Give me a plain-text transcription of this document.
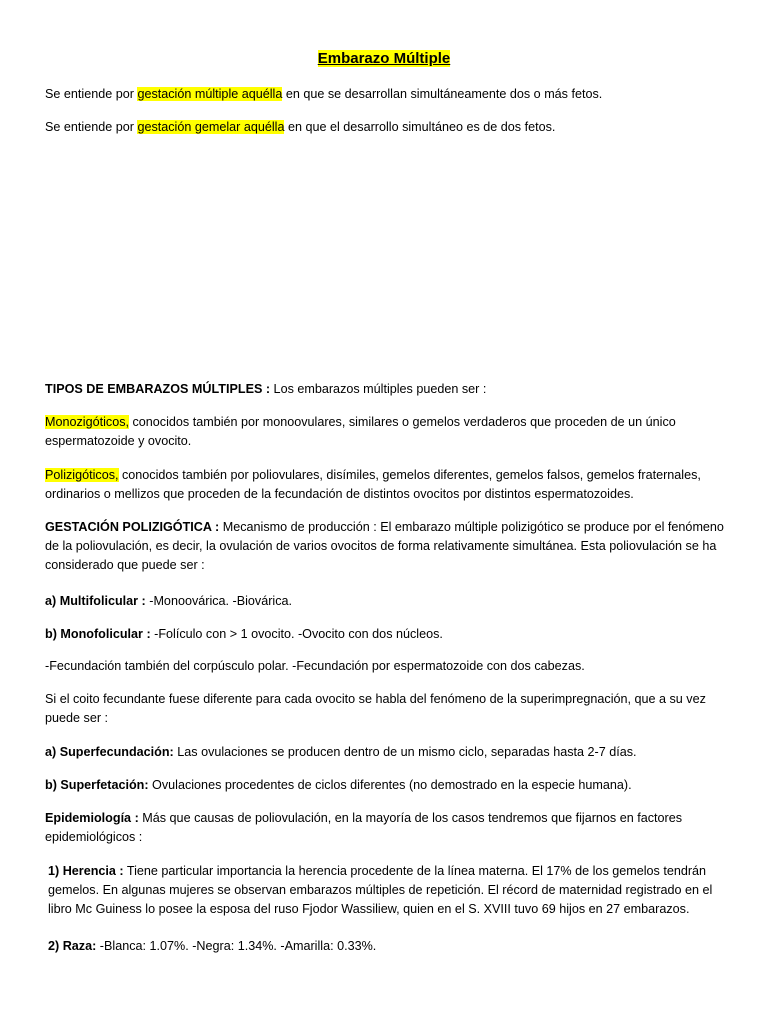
Embarazo Múltiple

Se entiende por gestación múltiple aquélla en que se desarrollan simultáneamente dos o más fetos.

Se entiende por gestación gemelar aquélla en que el desarrollo simultáneo es de dos fetos.

TIPOS DE EMBARAZOS MÚLTIPLES : Los embarazos múltiples pueden ser :

Monozigóticos, conocidos también por monoovulares, similares o gemelos verdaderos que proceden de un único espermatozoide y ovocito.

Polizigóticos, conocidos también por poliovulares, disímiles, gemelos diferentes, gemelos falsos, gemelos fraternales, ordinarios o mellizos que proceden de la fecundación de distintos ovocitos por distintos espermatozoides.

GESTACIÓN POLIZIGÓTICA : Mecanismo de producción : El embarazo múltiple polizigótico se produce por el fenómeno de la poliovulación, es decir, la ovulación de varios ovocitos de forma relativamente simultánea. Esta poliovulación se ha considerado que puede ser :

a) Multifolicular : -Monoovárica. -Biovárica.

b) Monofolicular : -Folículo con > 1 ovocito. -Ovocito con dos núcleos.

-Fecundación también del corpúsculo polar. -Fecundación por espermatozoide con dos cabezas.

Si el coito fecundante fuese diferente para cada ovocito se habla del fenómeno de la superimpregnación, que a su vez puede ser :

a) Superfecundación: Las ovulaciones se producen dentro de un mismo ciclo, separadas hasta 2-7 días.

b) Superfetación: Ovulaciones procedentes de ciclos diferentes (no demostrado en la especie humana).

Epidemiología : Más que causas de poliovulación, en la mayoría de los casos tendremos que fijarnos en factores epidemiológicos :

1) Herencia : Tiene particular importancia la herencia procedente de la línea materna. El 17% de los gemelos tendrán gemelos. En algunas mujeres se observan embarazos múltiples de repetición. El récord de maternidad registrado en el libro Mc Guiness lo posee la esposa del ruso Fjodor Wassiliew, quien en el S. XVIII tuvo 69 hijos en 27 embarazos.

2) Raza: -Blanca: 1.07%. -Negra: 1.34%. -Amarilla: 0.33%.
